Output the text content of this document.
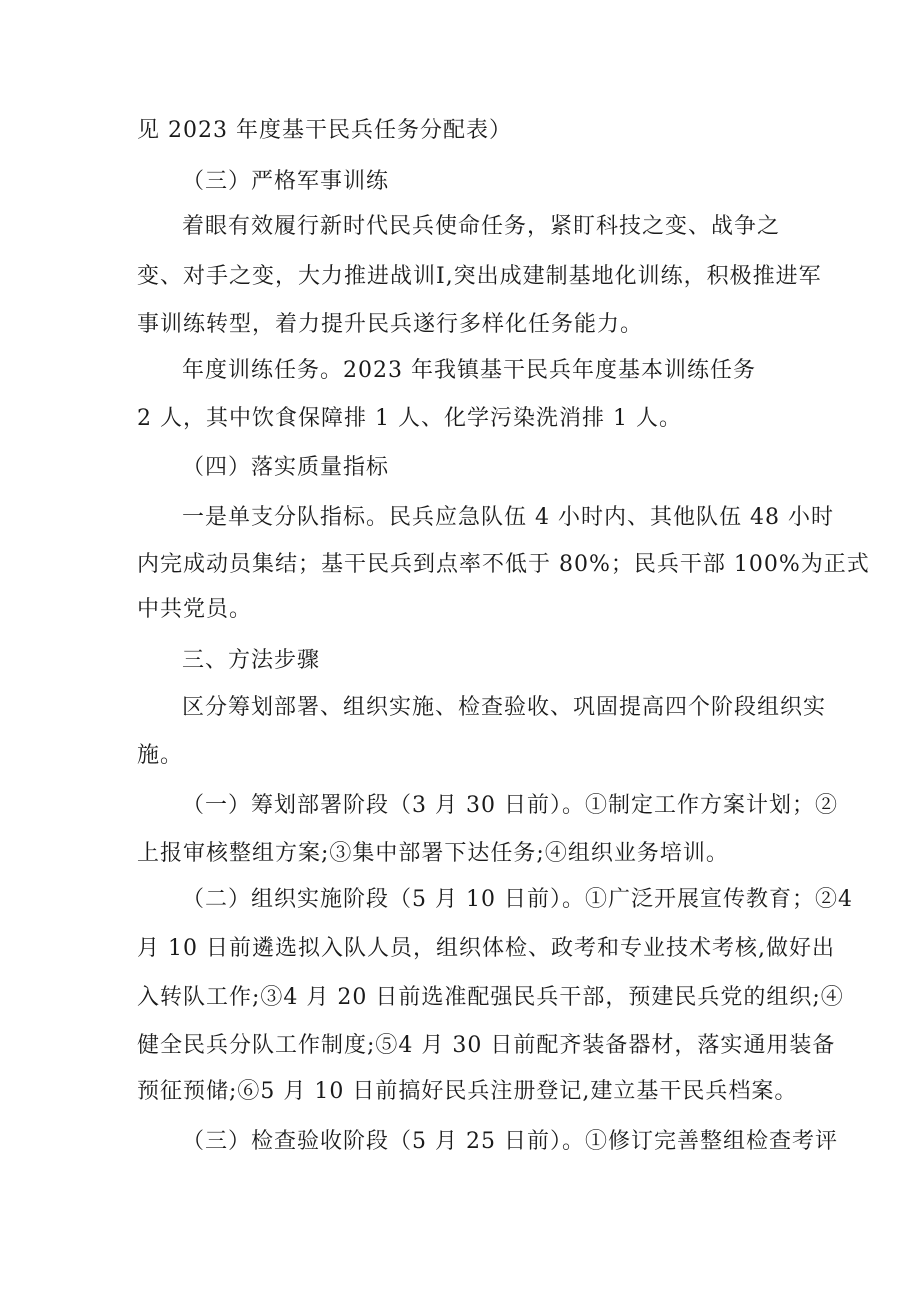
见 2023 年度基干民兵任务分配表）
（三）严格军事训练
着眼有效履行新时代民兵使命任务，紧盯科技之变、战争之
变、对手之变，大力推进战训Ⅰ,突出成建制基地化训练，积极推进军
事训练转型，着力提升民兵遂行多样化任务能力。
年度训练任务。2023 年我镇基干民兵年度基本训练任务
2 人，其中饮食保障排 1 人、化学污染洗消排 1 人。
（四）落实质量指标
一是单支分队指标。民兵应急队伍 4 小时内、其他队伍 48 小时
内完成动员集结；基干民兵到点率不低于 80%；民兵干部 100%为正式
中共党员。
三、方法步骤
区分筹划部署、组织实施、检查验收、巩固提高四个阶段组织实
施。
（一）筹划部署阶段（3 月 30 日前）。①制定工作方案计划；②
上报审核整组方案;③集中部署下达任务;④组织业务培训。
（二）组织实施阶段（5 月 10 日前）。①广泛开展宣传教育；②4
月 10 日前遴选拟入队人员，组织体检、政考和专业技术考核,做好出
入转队工作;③4 月 20 日前选准配强民兵干部，预建民兵党的组织;④
健全民兵分队工作制度;⑤4 月 30 日前配齐装备器材，落实通用装备
预征预储;⑥5 月 10 日前搞好民兵注册登记,建立基干民兵档案。
（三）检查验收阶段（5 月 25 日前）。①修订完善整组检查考评
